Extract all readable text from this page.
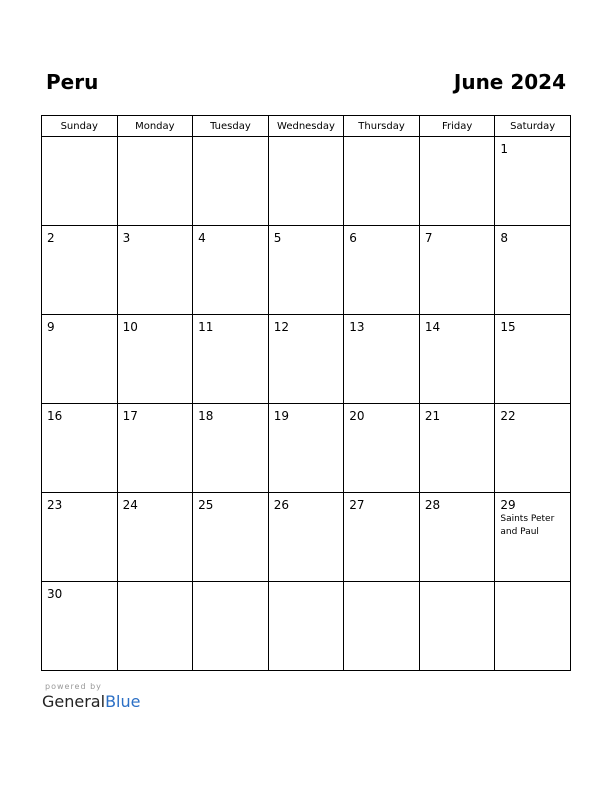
Peru	June 2024
Sunday	Monday	Tuesday	Wednesday	Thursday	Friday	Saturday

						1

2	3	4	5	6	7	8

9	10	11	12	13	14	15

16	17	18	19	20	21	22

23	24	25	26	27	28	29
Saints Peter and Paul

30						

powered by
GeneralBlue
